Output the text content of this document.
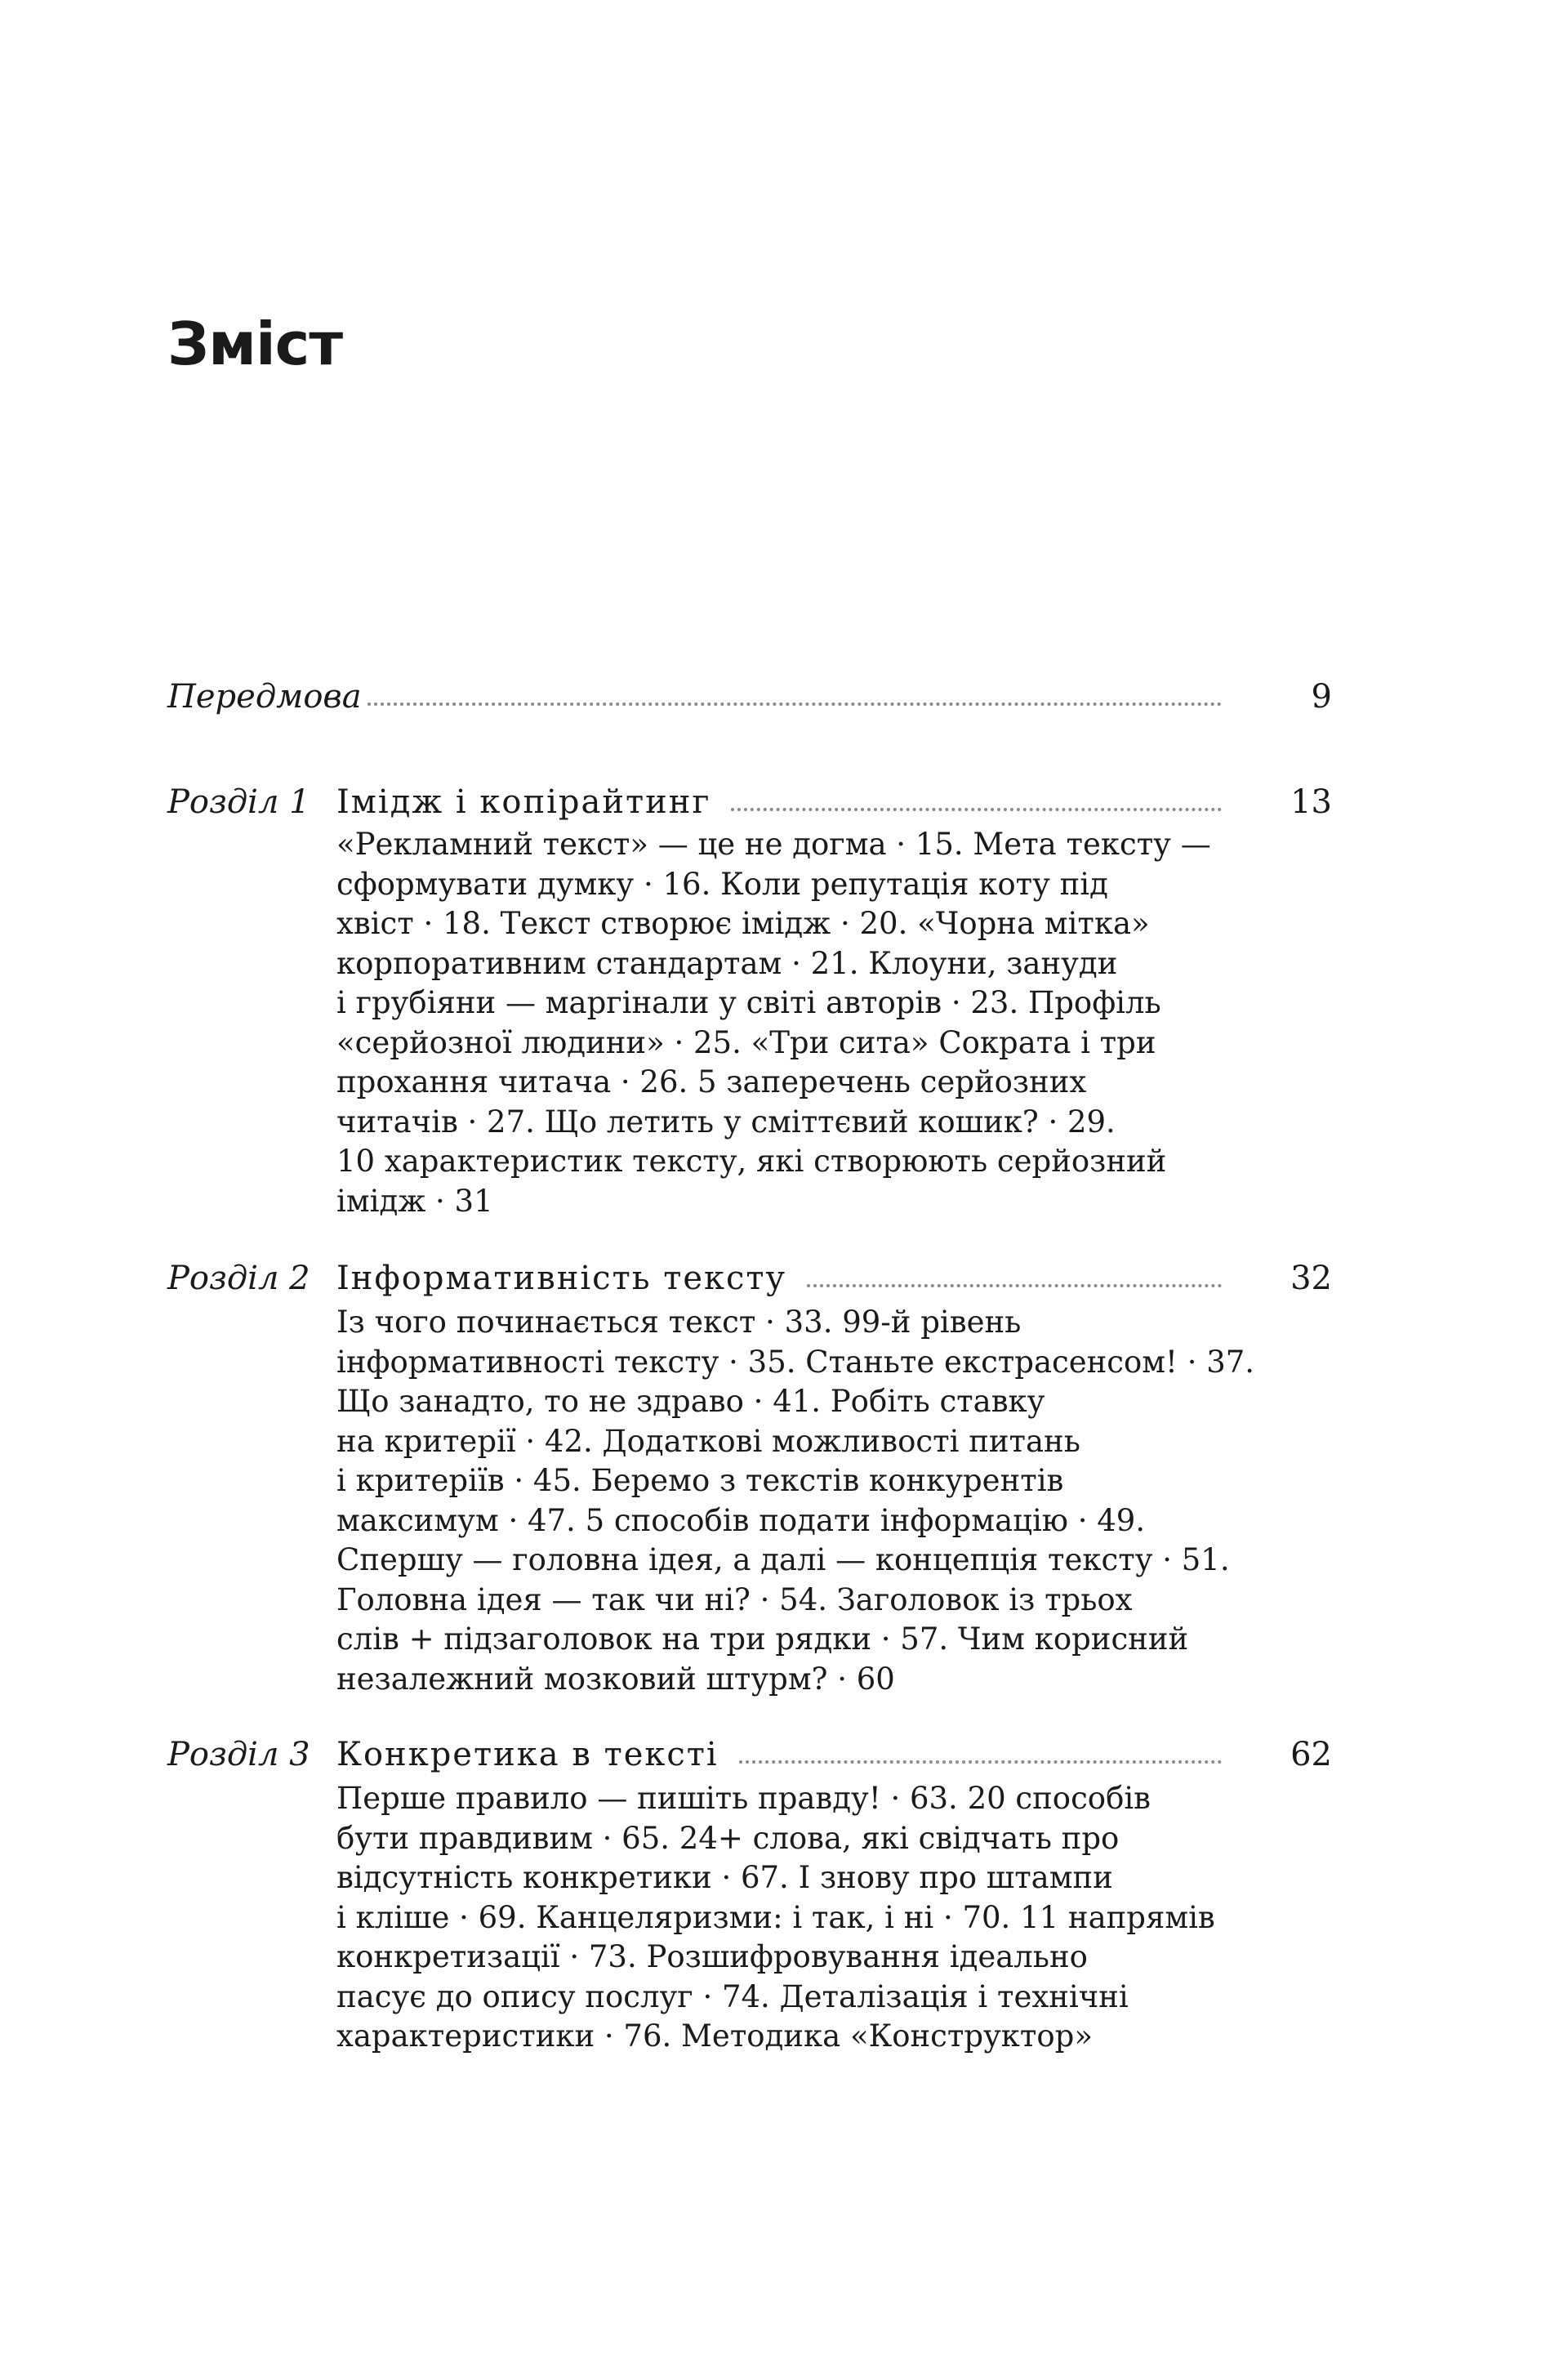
Зміст
Передмова	9
Розділ 1 Імідж і копірайтинг	13
«Рекламний текст» — це не догма · 15. Мета тексту —
сформувати думку · 16. Коли репутація коту під
хвіст · 18. Текст створює імідж · 20. «Чорна мітка»
корпоративним стандартам · 21. Клоуни, зануди
і грубіяни — маргінали у світі авторів · 23. Профіль
«серйозної людини» · 25. «Три сита» Сократа і три
прохання читача · 26. 5 заперечень серйозних
читачів · 27. Що летить у сміттєвий кошик? · 29.
10 характеристик тексту, які створюють серйозний
імідж · 31
Розділ 2 Інформативність тексту	32
Із чого починається текст · 33. 99-й рівень
інформативності тексту · 35. Станьте екстрасенсом! · 37.
Що занадто, то не здраво · 41. Робіть ставку
на критерії · 42. Додаткові можливості питань
і критеріїв · 45. Беремо з текстів конкурентів
максимум · 47. 5 способів подати інформацію · 49.
Спершу — головна ідея, а далі — концепція тексту · 51.
Головна ідея — так чи ні? · 54. Заголовок із трьох
слів + підзаголовок на три рядки · 57. Чим корисний
незалежний мозковий штурм? · 60
Розділ 3 Конкретика в тексті	62
Перше правило — пишіть правду! · 63. 20 способів
бути правдивим · 65. 24+ слова, які свідчать про
відсутність конкретики · 67. І знову про штампи
і кліше · 69. Канцеляризми: і так, і ні · 70. 11 напрямів
конкретизації · 73. Розшифровування ідеально
пасує до опису послуг · 74. Деталізація і технічні
характеристики · 76. Методика «Конструктор»
